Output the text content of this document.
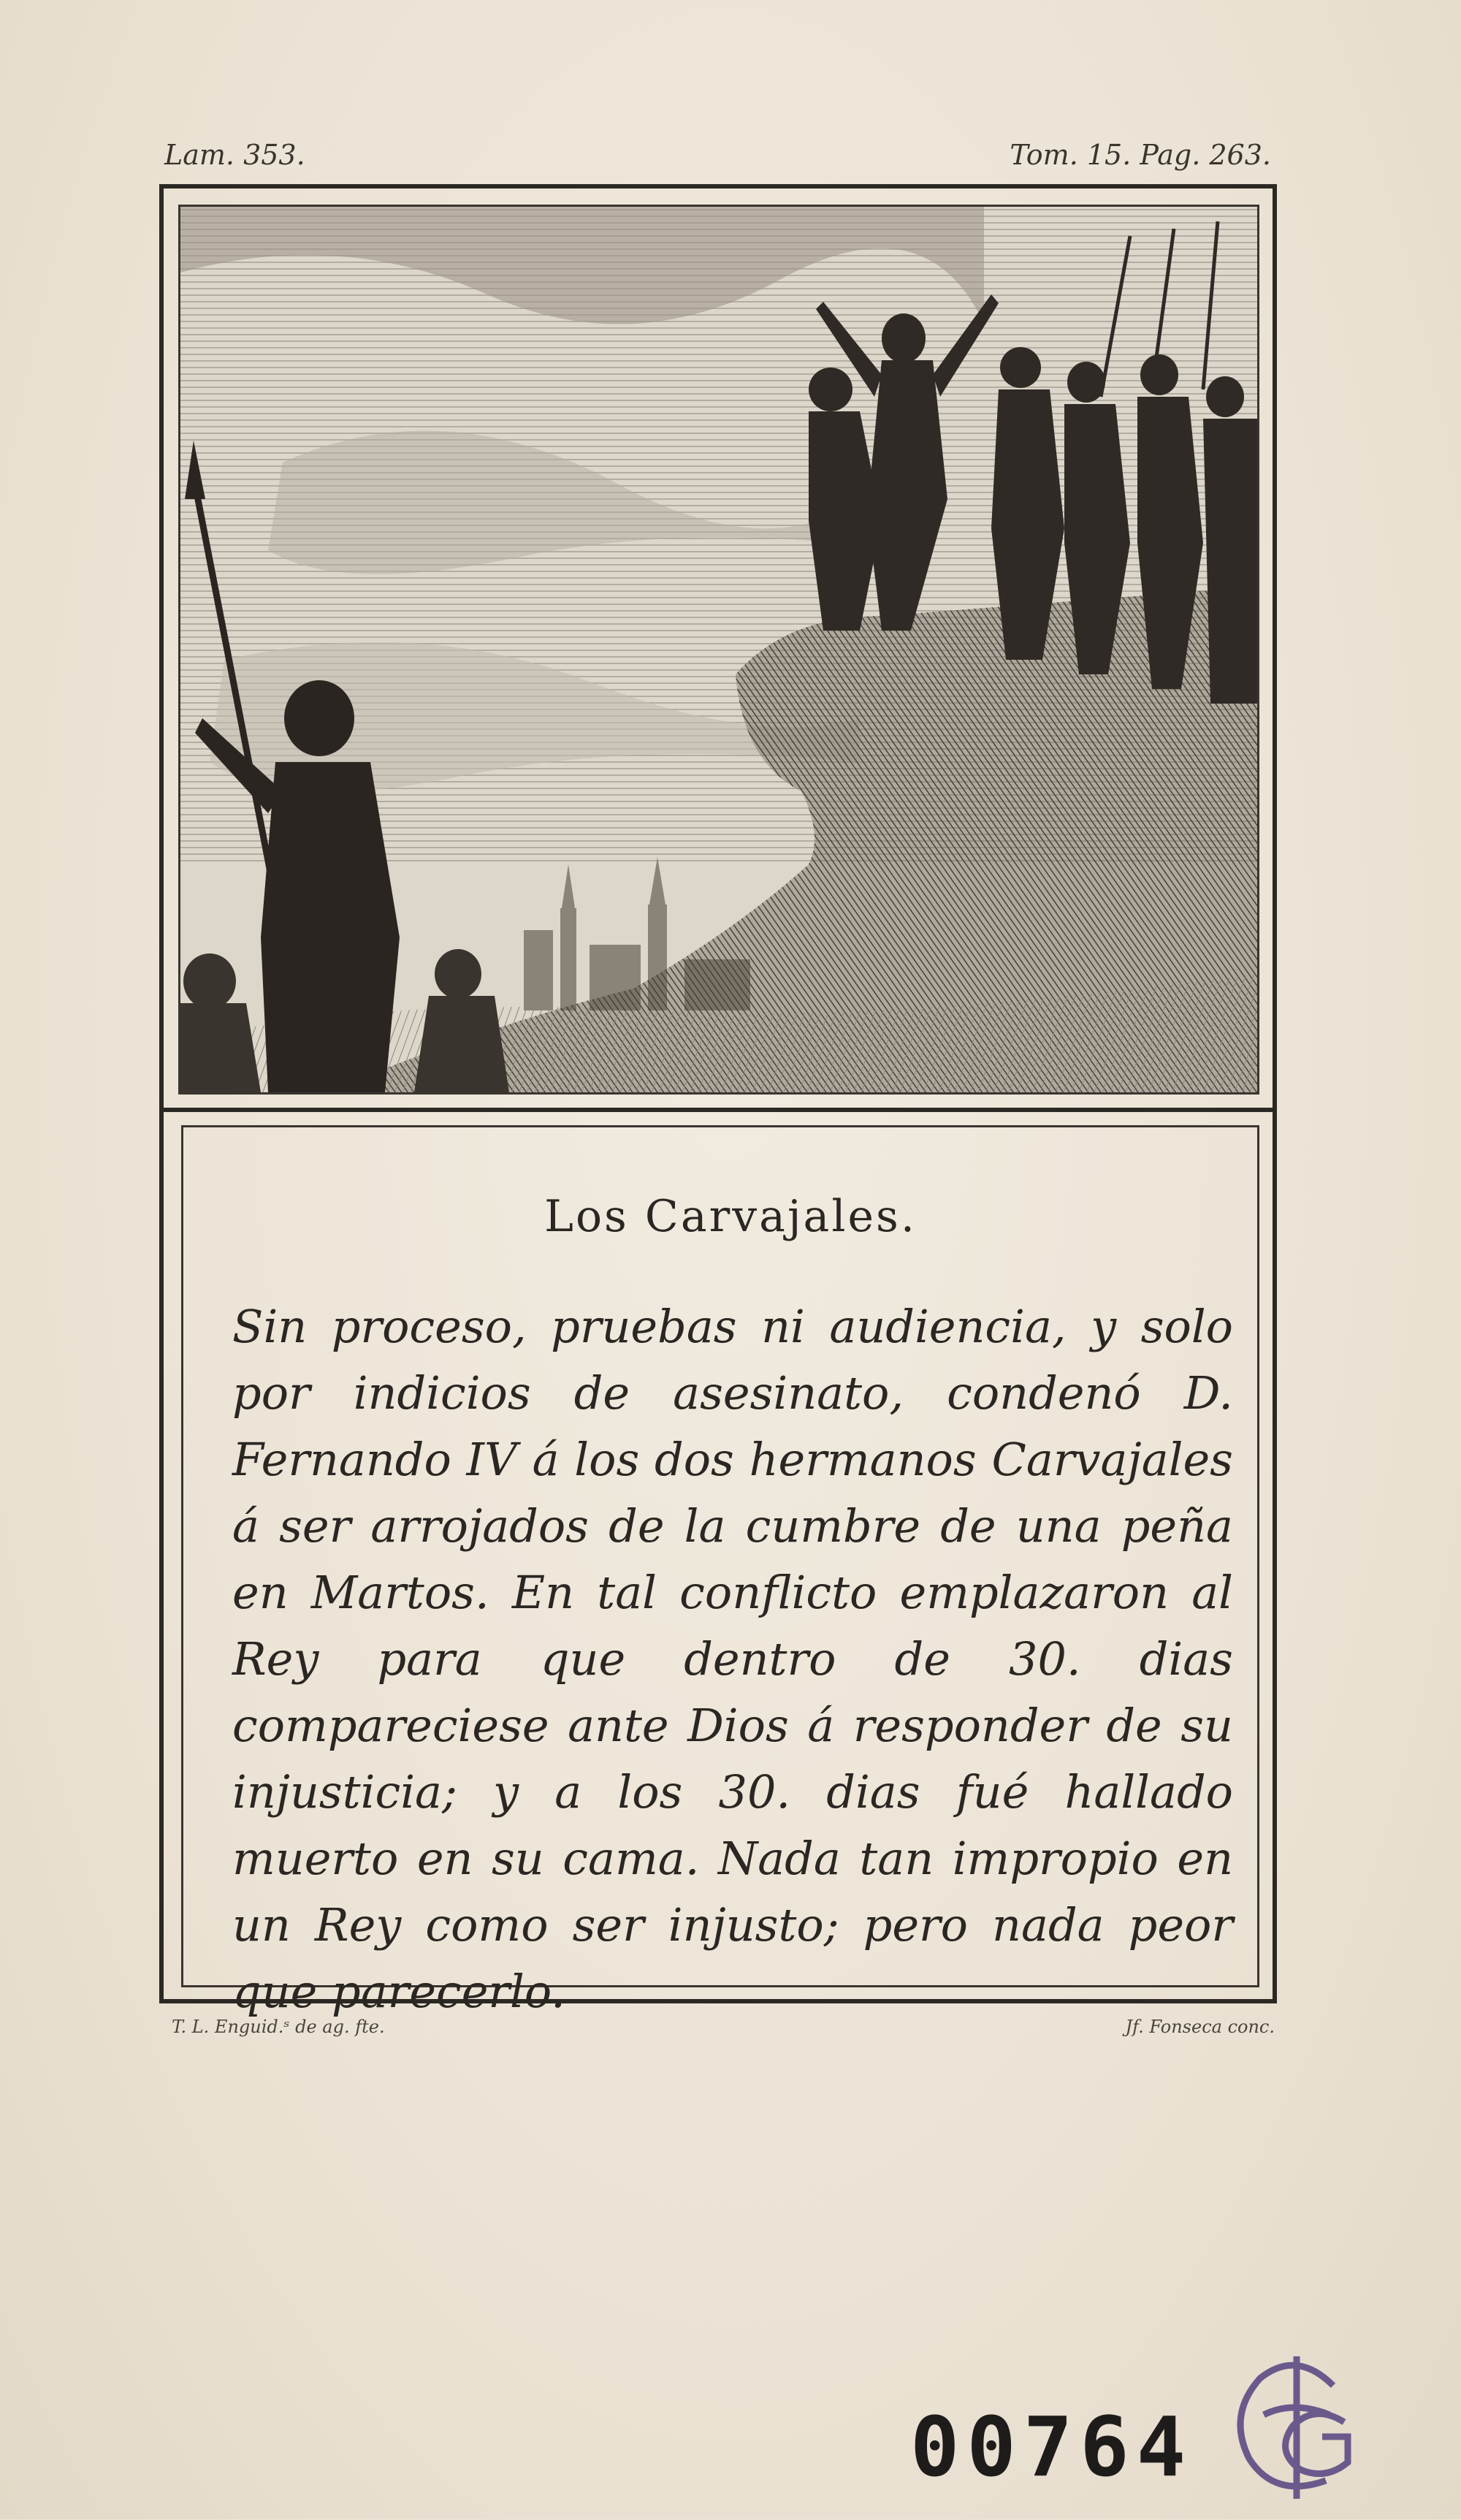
Lam. 353.	Tom. 15. Pag. 263.
Los Carvajales.
Sin proceso, pruebas ni audiencia, y solo por indicios de asesinato, condenó D. Fernando IV á los dos hermanos Carvajales á ser arrojados de la cumbre de una peña en Martos. En tal conflicto emplazaron al Rey para que dentro de 30. dias compareciese ante Dios á responder de su injusticia; y a los 30. dias fué hallado muerto en su cama. Nada tan impropio en un Rey como ser injusto; pero nada peor que parecerlo.
T. L. Enguid.ˢ de ag. fte.	Jf. Fonseca conc.
00764
